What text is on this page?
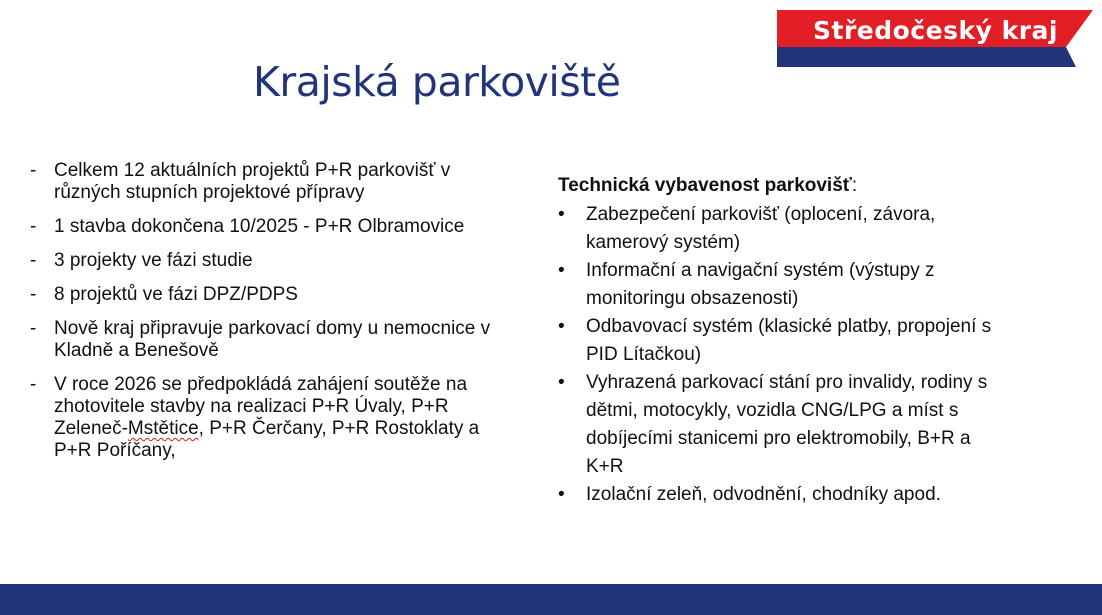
Středočeský kraj
Krajská parkoviště
- Celkem 12 aktuálních projektů P+R parkovišť v různých stupních projektové přípravy
- 1 stavba dokončena 10/2025 - P+R Olbramovice
- 3 projekty ve fázi studie
- 8 projektů ve fázi DPZ/PDPS
- Nově kraj připravuje parkovací domy u nemocnice v Kladně a Benešově
- V roce 2026 se předpokládá zahájení soutěže na zhotovitele stavby na realizaci P+R Úvaly, P+R Zeleneč-Mstětice, P+R Čerčany, P+R Rostoklaty a P+R Poříčany,

Technická vybavenost parkovišť:

• Zabezpečení parkovišť (oplocení, závora, kamerový systém)
• Informační a navigační systém (výstupy z monitoringu obsazenosti)
• Odbavovací systém (klasické platby, propojení s PID Lítačkou)
• Vyhrazená parkovací stání pro invalidy, rodiny s dětmi, motocykly, vozidla CNG/LPG a míst s dobíjecími stanicemi pro elektromobily, B+R a K+R
• Izolační zeleň, odvodnění, chodníky apod.
